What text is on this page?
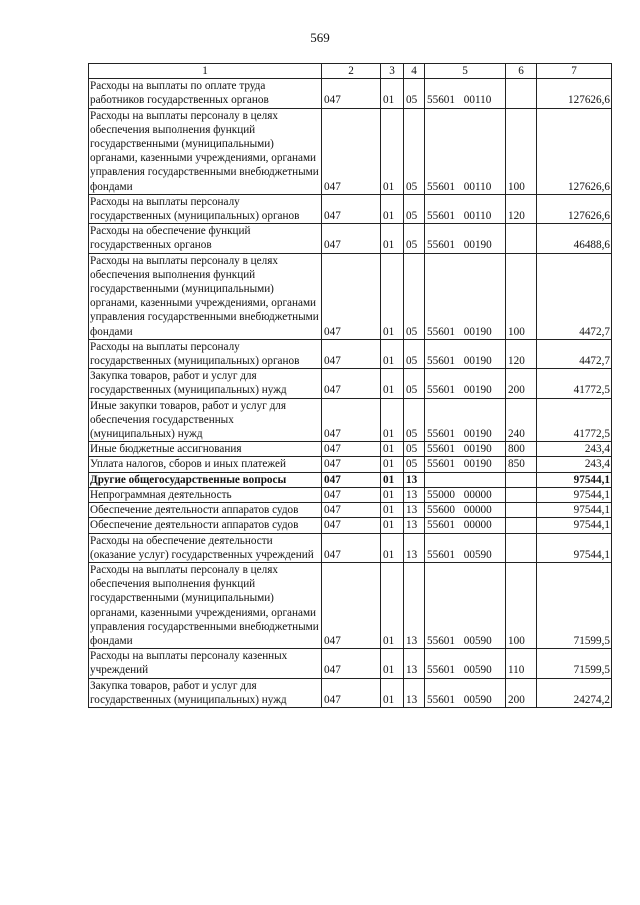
569
1	2	3	4	5	6	7
Расходы на выплаты по оплате труда работников государственных органов	047	01	05	55601 00110		127626,6
Расходы на выплаты персоналу в целях обеспечения выполнения функций государственными (муниципальными) органами, казенными учреждениями, органами управления государственными внебюджетными фондами	047	01	05	55601 00110	100	127626,6
Расходы на выплаты персоналу государственных (муниципальных) органов	047	01	05	55601 00110	120	127626,6
Расходы на обеспечение функций государственных органов	047	01	05	55601 00190		46488,6
Расходы на выплаты персоналу в целях обеспечения выполнения функций государственными (муниципальными) органами, казенными учреждениями, органами управления государственными внебюджетными фондами	047	01	05	55601 00190	100	4472,7
Расходы на выплаты персоналу государственных (муниципальных) органов	047	01	05	55601 00190	120	4472,7
Закупка товаров, работ и услуг для государственных (муниципальных) нужд	047	01	05	55601 00190	200	41772,5
Иные закупки товаров, работ и услуг для обеспечения государственных (муниципальных) нужд	047	01	05	55601 00190	240	41772,5
Иные бюджетные ассигнования	047	01	05	55601 00190	800	243,4
Уплата налогов, сборов и иных платежей	047	01	05	55601 00190	850	243,4
Другие общегосударственные вопросы	047	01	13			97544,1
Непрограммная деятельность	047	01	13	55000 00000		97544,1
Обеспечение деятельности аппаратов судов	047	01	13	55600 00000		97544,1
Обеспечение деятельности аппаратов судов	047	01	13	55601 00000		97544,1
Расходы на обеспечение деятельности (оказание услуг) государственных учреждений	047	01	13	55601 00590		97544,1
Расходы на выплаты персоналу в целях обеспечения выполнения функций государственными (муниципальными) органами, казенными учреждениями, органами управления государственными внебюджетными фондами	047	01	13	55601 00590	100	71599,5
Расходы на выплаты персоналу казенных учреждений	047	01	13	55601 00590	110	71599,5
Закупка товаров, работ и услуг для государственных (муниципальных) нужд	047	01	13	55601 00590	200	24274,2
